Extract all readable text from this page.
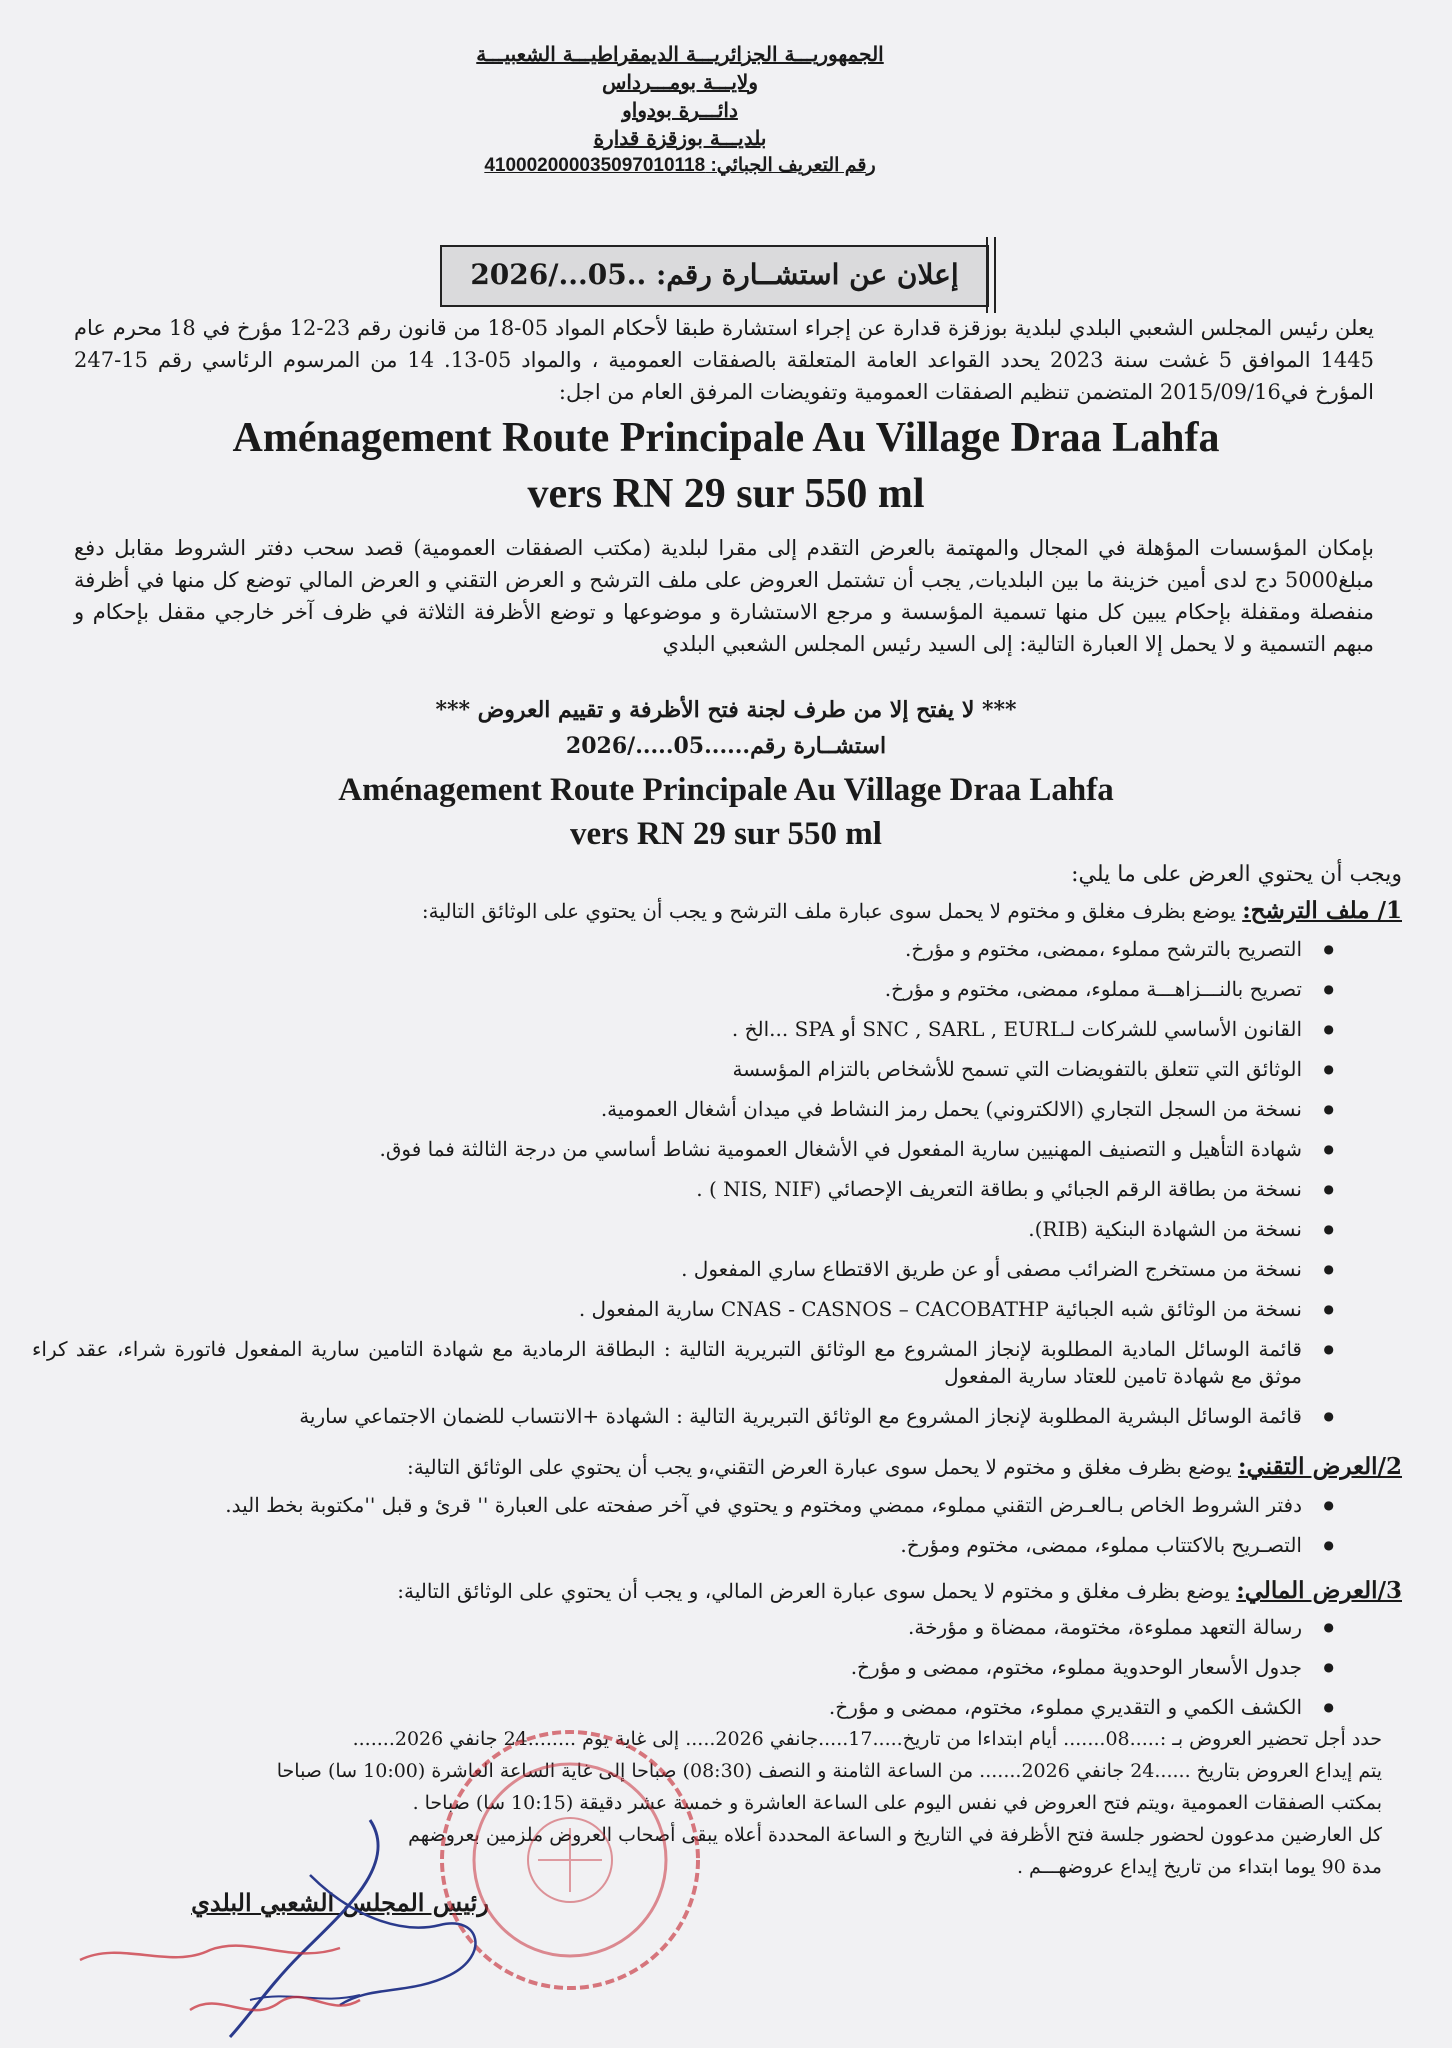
الجمهوريـــة الجزائريـــة الديمقراطيـــة الشعبيـــة
ولايـــة بومـــرداس
دائـــرة بودواو
بلديـــة بوزقزة قدارة
رقم التعريف الجبائي: 410002000035097010118
إعلان عن استشــارة رقم: ..05.../2026
يعلن رئيس المجلس الشعبي البلدي لبلدية بوزقزة قدارة عن إجراء استشارة طبقا لأحكام المواد 05-18 من قانون رقم 23-12 مؤرخ في 18 محرم عام 1445 الموافق 5 غشت سنة 2023 يحدد القواعد العامة المتعلقة بالصفقات العمومية ، والمواد 05-13. 14 من المرسوم الرئاسي رقم 15-247 المؤرخ في2015/09/16 المتضمن تنظيم الصفقات العمومية وتفويضات المرفق العام من اجل:
Aménagement Route Principale Au Village Draa Lahfa
vers RN 29 sur 550 ml
بإمكان المؤسسات المؤهلة في المجال والمهتمة بالعرض التقدم إلى مقرا لبلدية (مكتب الصفقات العمومية) قصد سحب دفتر الشروط مقابل دفع مبلغ5000 دج لدى أمين خزينة ما بين البلديات, يجب أن تشتمل العروض على ملف الترشح و العرض التقني و العرض المالي توضع كل منها في أظرفة منفصلة ومقفلة بإحكام يبين كل منها تسمية المؤسسة و مرجع الاستشارة و موضوعها و توضع الأظرفة الثلاثة في ظرف آخر خارجي مقفل بإحكام و مبهم التسمية و لا يحمل إلا العبارة التالية: إلى السيد رئيس المجلس الشعبي البلدي
*** لا يفتح إلا من طرف لجنة فتح الأظرفة و تقييم العروض ***
استشــارة رقم......05...../2026
Aménagement Route Principale Au Village Draa Lahfa
vers RN 29 sur 550 ml
ويجب أن يحتوي العرض على ما يلي:
1/ ملف الترشح: يوضع بظرف مغلق و مختوم لا يحمل سوى عبارة ملف الترشح و يجب أن يحتوي على الوثائق التالية:
● التصريح بالترشح مملوء ،ممضى، مختوم و مؤرخ.
● تصريح بالنـــزاهـــة مملوء، ممضى، مختوم و مؤرخ.
● القانون الأساسي للشركات لـSNC , SARL , EURL أو SPA ...الخ .
● الوثائق التي تتعلق بالتفويضات التي تسمح للأشخاص بالتزام المؤسسة
● نسخة من السجل التجاري (الالكتروني) يحمل رمز النشاط في ميدان أشغال العمومية.
● شهادة التأهيل و التصنيف المهنيين سارية المفعول في الأشغال العمومية نشاط أساسي من درجة الثالثة فما فوق.
● نسخة من بطاقة الرقم الجبائي و بطاقة التعريف الإحصائي (NIS, NIF ) .
● نسخة من الشهادة البنكية (RIB).
● نسخة من مستخرج الضرائب مصفى أو عن طريق الاقتطاع ساري المفعول .
● نسخة من الوثائق شبه الجبائية CNAS - CASNOS – CACOBATHP سارية المفعول .
● قائمة الوسائل المادية المطلوبة لإنجاز المشروع مع الوثائق التبريرية التالية : البطاقة الرمادية مع شهادة التامين سارية المفعول فاتورة شراء، عقد كراء موثق مع شهادة تامين للعتاد سارية المفعول
● قائمة الوسائل البشرية المطلوبة لإنجاز المشروع مع الوثائق التبريرية التالية : الشهادة +الانتساب للضمان الاجتماعي سارية
2/العرض التقني: يوضع بظرف مغلق و مختوم لا يحمل سوى عبارة العرض التقني،و يجب أن يحتوي على الوثائق التالية:
● دفتر الشروط الخاص بـالعـرض التقني مملوء، ممضي ومختوم و يحتوي في آخر صفحته على العبارة '' قرئ و قبل ''مكتوبة بخط اليد.
● التصـريح بالاكتتاب مملوء، ممضى، مختوم ومؤرخ.
3/العرض المالي: يوضع بظرف مغلق و مختوم لا يحمل سوى عبارة العرض المالي، و يجب أن يحتوي على الوثائق التالية:
● رسالة التعهد مملوءة، مختومة، ممضاة و مؤرخة.
● جدول الأسعار الوحدوية مملوء، مختوم، ممضى و مؤرخ.
● الكشف الكمي و التقديري مملوء، مختوم، ممضى و مؤرخ.
حدد أجل تحضير العروض بـ :.....08....... أيام ابتداءا من تاريخ.....17.....جانفي 2026..... إلى غاية يوم ........24 جانفي 2026.......
يتم إيداع العروض بتاريخ ......24 جانفي 2026....... من الساعة الثامنة و النصف (08:30) صباحا إلى غاية الساعة العاشرة (10:00 سا) صباحا
بمكتب الصفقات العمومية ،ويتم فتح العروض في نفس اليوم على الساعة العاشرة و خمسة عشر دقيقة (10:15 سا) صباحا .
كل العارضين مدعوون لحضور جلسة فتح الأظرفة في التاريخ و الساعة المحددة أعلاه يبقى أصحاب العروض ملزمين بعروضهم
مدة 90 يوما ابتداء من تاريخ إيداع عروضهـــم .
رئيس المجلس الشعبي البلدي
